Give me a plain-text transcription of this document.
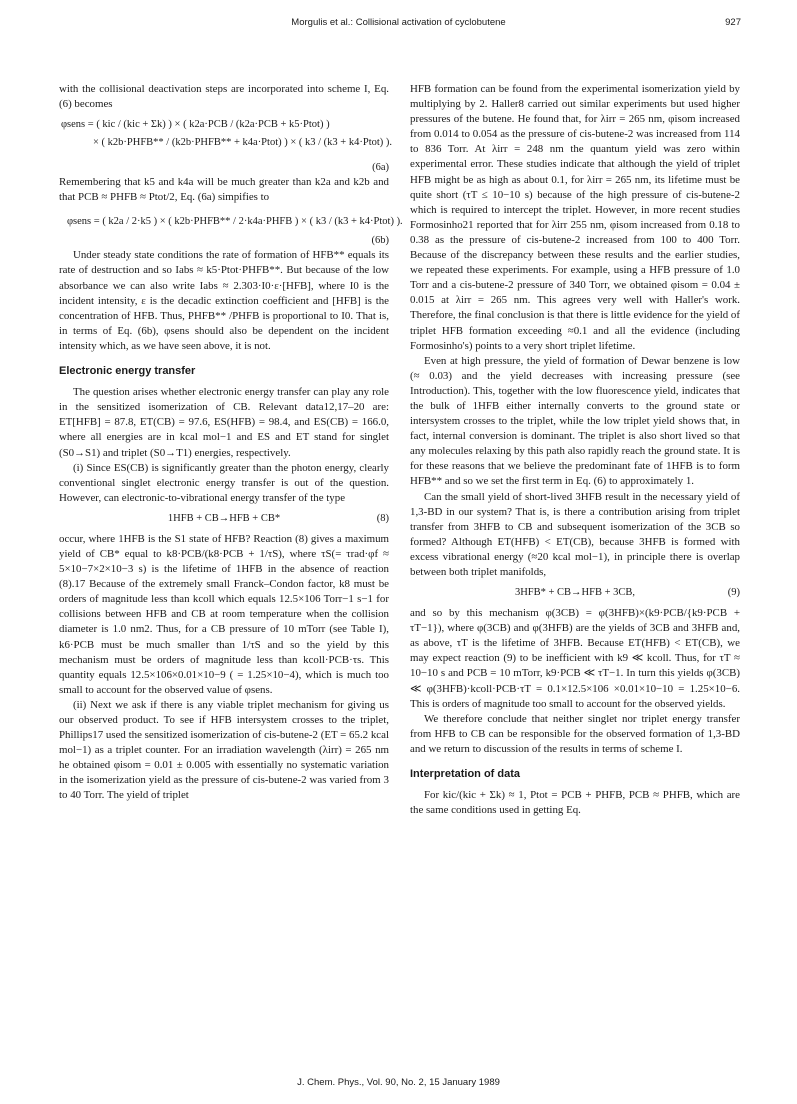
Morgulis et al.: Collisional activation of cyclobutene	927

with the collisional deactivation steps are incorporated into scheme I, Eq. (6) becomes

φsens = ( kic / (kic + Σk) ) × ( k2a·PCB / (k2a·PCB + k5·Ptot) )
× ( k2b·PHFB** / (k2b·PHFB** + k4a·Ptot) ) × ( k3 / (k3 + k4·Ptot) ).
(6a)

Remembering that k5 and k4a will be much greater than k2a and k2b and that PCB ≈ PHFB ≈ Ptot/2, Eq. (6a) simpifies to

φsens = ( k2a / 2·k5 ) × ( k2b·PHFB** / 2·k4a·PHFB ) × ( k3 / (k3 + k4·Ptot) ).
(6b)

Under steady state conditions the rate of formation of HFB** equals its rate of destruction and so Iabs ≈ k5·Ptot·PHFB**. But because of the low absorbance we can also write Iabs ≈ 2.303·I0·ε·[HFB], where I0 is the incident intensity, ε is the decadic extinction coefficient and [HFB] is the concentration of HFB. Thus, PHFB** /PHFB is proportional to I0. That is, in terms of Eq. (6b), φsens should also be dependent on the incident intensity which, as we have seen above, it is not.

Electronic energy transfer

The question arises whether electronic energy transfer can play any role in the sensitized isomerization of CB. Relevant data12,17–20 are: ET[HFB] = 87.8, ET(CB) = 97.6, ES(HFB) = 98.4, and ES(CB) = 166.0, where all energies are in kcal mol−1 and ES and ET stand for singlet (S0→S1) and triplet (S0→T1) energies, respectively.

(i) Since ES(CB) is significantly greater than the photon energy, clearly conventional singlet electronic energy transfer is out of the question. However, can electronic-to-vibrational energy transfer of the type

1HFB + CB→HFB + CB*	(8)

occur, where 1HFB is the S1 state of HFB? Reaction (8) gives a maximum yield of CB* equal to k8·PCB/(k8·PCB + 1/τS), where τS(= τrad·φf ≈ 5×10−7×2×10−3 s) is the lifetime of 1HFB in the absence of reaction (8).17 Because of the extremely small Franck–Condon factor, k8 must be orders of magnitude less than kcoll which equals 12.5×106 Torr−1 s−1 for collisions between HFB and CB at room temperature when the collision diameter is 1.0 nm2. Thus, for a CB pressure of 10 mTorr (see Table I), k6·PCB must be much smaller than 1/τS and so the yield by this mechanism must be orders of magnitude less than kcoll·PCB·τs. This quantity equals 12.5×106×0.01×10−9 ( = 1.25×10−4), which is much too small to account for the observed value of φsens.

(ii) Next we ask if there is any viable triplet mechanism for giving us our observed product. To see if HFB intersystem crosses to the triplet, Phillips17 used the sensitized isomerization of cis-butene-2 (ET = 65.2 kcal mol−1) as a triplet counter. For an irradiation wavelength (λirr) = 265 nm he obtained φisom = 0.01 ± 0.005 with essentially no systematic variation in the isomerization yield as the pressure of cis-butene-2 was varied from 3 to 40 Torr. The yield of triplet

HFB formation can be found from the experimental isomerization yield by multiplying by 2. Haller8 carried out similar experiments but used higher pressures of the butene. He found that, for λirr = 265 nm, φisom increased from 0.014 to 0.054 as the pressure of cis-butene-2 was increased from 114 to 836 Torr. At λirr = 248 nm the quantum yield was zero within experimental error. These studies indicate that although the yield of triplet HFB might be as high as about 0.1, for λirr = 265 nm, its lifetime must be quite short (τT ≤ 10−10 s) because of the high pressure of cis-butene-2 which is required to intercept the triplet. However, in more recent studies Formosinho21 reported that for λirr 255 nm, φisom increased from 0.18 to 0.38 as the pressure of cis-butene-2 increased from 100 to 400 Torr. Because of the discrepancy between these results and the earlier studies, we repeated these experiments. For example, using a HFB pressure of 1.0 Torr and a cis-butene-2 pressure of 340 Torr, we obtained φisom = 0.04 ± 0.015 at λirr = 265 nm. This agrees very well with Haller's work. Therefore, the final conclusion is that there is little evidence for the yield of triplet HFB formation exceeding ≈0.1 and all the evidence (including Formosinho's) points to a very short triplet lifetime.

Even at high pressure, the yield of formation of Dewar benzene is low (≈ 0.03) and the yield decreases with increasing pressure (see Introduction). This, together with the low fluorescence yield, indicates that the bulk of 1HFB either internally converts to the ground state or intersystem crosses to the triplet, while the low triplet yield shows that, in fact, internal conversion is dominant. The triplet is also short lived so that any molecules relaxing by this path also rapidly reach the ground state. It is for these reasons that we believe the predominant fate of 1HFB is to form HFB** and so we set the first term in Eq. (6) to approximately 1.

Can the small yield of short-lived 3HFB result in the necessary yield of 1,3-BD in our system? That is, is there a contribution arising from triplet transfer from 3HFB to CB and subsequent isomerization of the 3CB so formed? Although ET(HFB) < ET(CB), because 3HFB is formed with excess vibrational energy (≈20 kcal mol−1), in principle there is overlap between both triplet manifolds,

3HFB* + CB→HFB + 3CB,	(9)

and so by this mechanism φ(3CB) = φ(3HFB)×(k9·PCB/{k9·PCB + τT−1}), where φ(3CB) and φ(3HFB) are the yields of 3CB and 3HFB and, as above, τT is the lifetime of 3HFB. Because ET(HFB) < ET(CB), we may expect reaction (9) to be inefficient with k9 ≪ kcoll. Thus, for τT ≈ 10−10 s and PCB = 10 mTorr, k9·PCB ≪ τT−1. In turn this yields φ(3CB) ≪ φ(3HFB)·kcoll·PCB·τT = 0.1×12.5×106 ×0.01×10−10 = 1.25×10−6. This is orders of magnitude too small to account for the observed yields.

We therefore conclude that neither singlet nor triplet energy transfer from HFB to CB can be responsible for the observed formation of 1,3-BD and we return to discussion of the results in terms of scheme I.

Interpretation of data

For kic/(kic + Σk) ≈ 1, Ptot = PCB + PHFB, PCB ≈ PHFB, which are the same conditions used in getting Eq.

J. Chem. Phys., Vol. 90, No. 2, 15 January 1989
